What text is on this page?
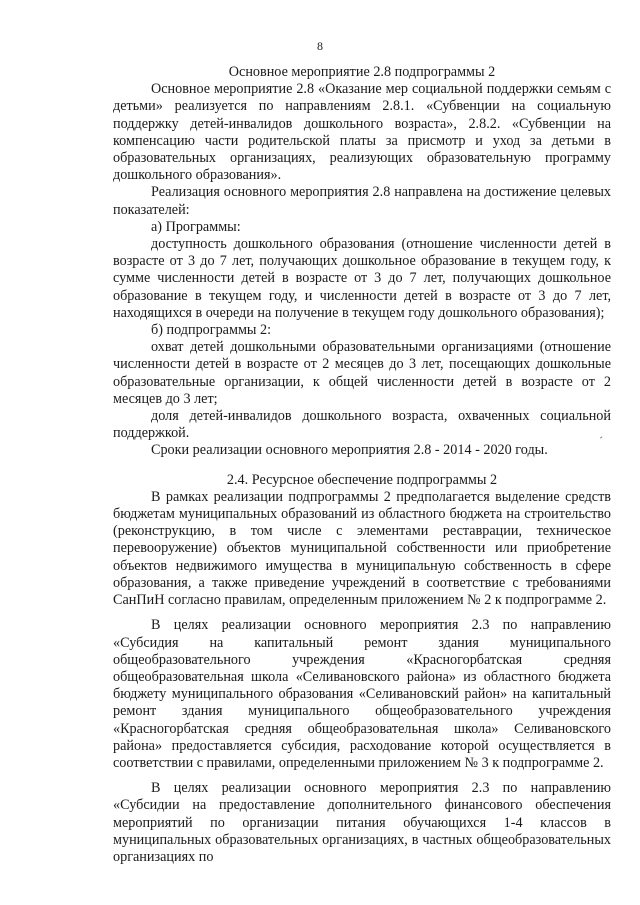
8

Основное мероприятие 2.8 подпрограммы 2

Основное мероприятие 2.8 «Оказание мер социальной поддержки семьям с детьми» реализуется по направлениям 2.8.1. «Субвенции на социальную поддержку детей-инвалидов дошкольного возраста», 2.8.2. «Субвенции на компенсацию части родительской платы за присмотр и уход за детьми в образовательных организациях, реализующих образовательную программу дошкольного образования».

Реализация основного мероприятия 2.8 направлена на достижение целевых показателей:

а) Программы:

доступность дошкольного образования (отношение численности детей в возрасте от 3 до 7 лет, получающих дошкольное образование в текущем году, к сумме численности детей в возрасте от 3 до 7 лет, получающих дошкольное образование в текущем году, и численности детей в возрасте от 3 до 7 лет, находящихся в очереди на получение в текущем году дошкольного образования);

б) подпрограммы 2:

охват детей дошкольными образовательными организациями (отношение численности детей в возрасте от 2 месяцев до 3 лет, посещающих дошкольные образовательные организации, к общей численности детей в возрасте от 2 месяцев до 3 лет;

доля детей-инвалидов дошкольного возраста, охваченных социальной поддержкой.

Сроки реализации основного мероприятия 2.8 - 2014 - 2020 годы.

2.4. Ресурсное обеспечение подпрограммы 2

В рамках реализации подпрограммы 2 предполагается выделение средств бюджетам муниципальных образований из областного бюджета на строительство (реконструкцию, в том числе с элементами реставрации, техническое перевооружение) объектов муниципальной собственности или приобретение объектов недвижимого имущества в муниципальную собственность в сфере образования, а также приведение учреждений в соответствие с требованиями СанПиН согласно правилам, определенным приложением № 2 к подпрограмме 2.

В целях реализации основного мероприятия 2.3 по направлению «Субсидия на капитальный ремонт здания муниципального общеобразовательного учреждения «Красногорбатская средняя общеобразовательная школа «Селивановского района» из областного бюджета бюджету муниципального образования «Селивановский район» на капитальный ремонт здания муниципального общеобразовательного учреждения «Красногорбатская средняя общеобразовательная школа» Селивановского района» предоставляется субсидия, расходование которой осуществляется в соответствии с правилами, определенными приложением № 3 к подпрограмме 2.

В целях реализации основного мероприятия 2.3 по направлению «Субсидии на предоставление дополнительного финансового обеспечения мероприятий по организации питания обучающихся 1-4 классов в муниципальных образовательных организациях, в частных общеобразовательных организациях по

ˊ
